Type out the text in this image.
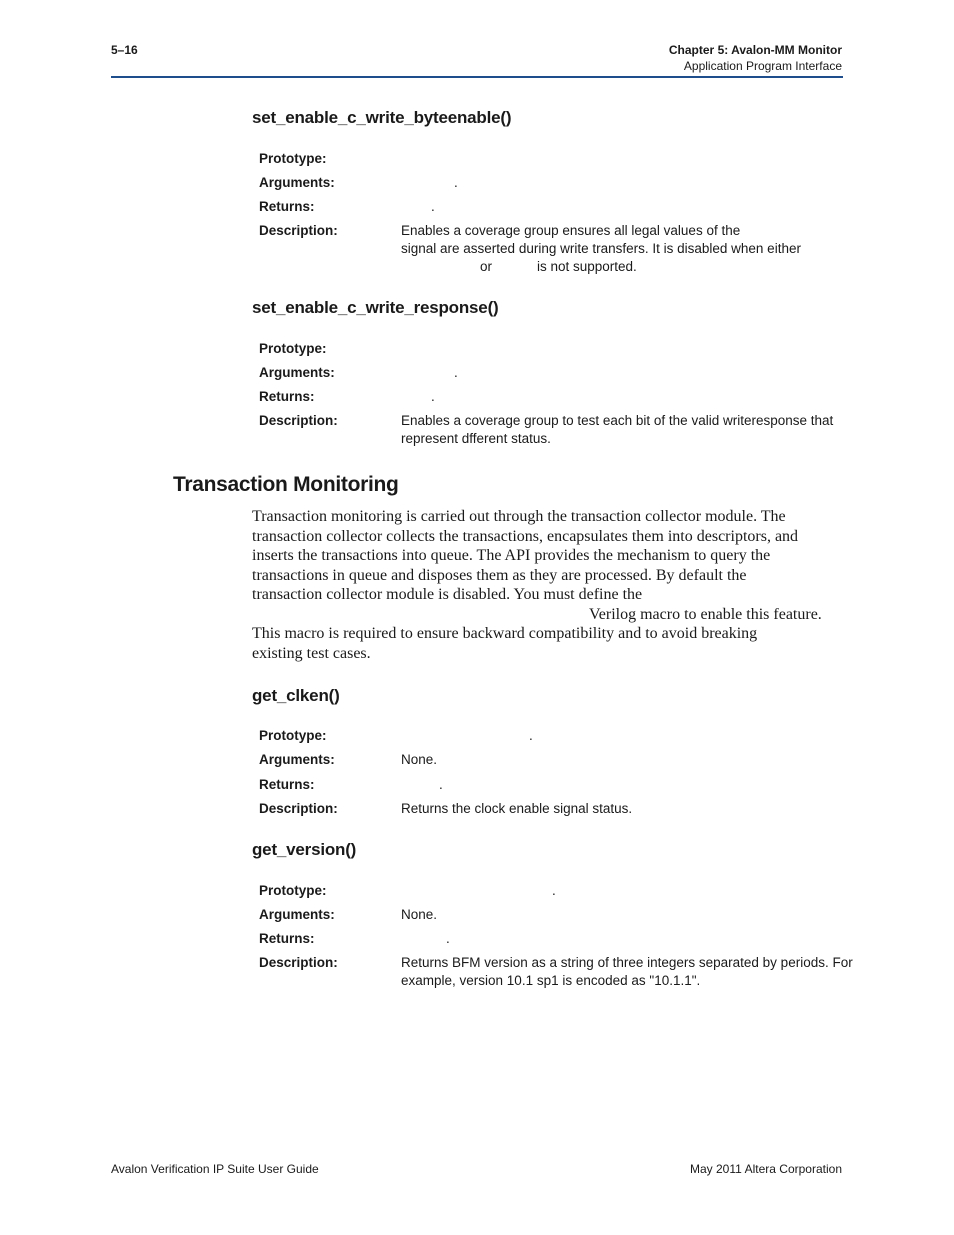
5–16	Chapter 5: Avalon-MM Monitor
Application Program Interface
set_enable_c_write_byteenable()
Prototype:
Arguments:	.
Returns:	.
Description:	Enables a coverage group ensures all legal values of the
signal are asserted during write transfers. It is disabled when either
or	is not supported.
set_enable_c_write_response()
Prototype:
Arguments:	.
Returns:	.
Description:	Enables a coverage group to test each bit of the valid writeresponse that
represent dfferent status.
Transaction Monitoring
Transaction monitoring is carried out through the transaction collector module. The
transaction collector collects the transactions, encapsulates them into descriptors, and
inserts the transactions into queue. The API provides the mechanism to query the
transactions in queue and disposes them as they are processed. By default the
transaction collector module is disabled. You must define the
Verilog macro to enable this feature.
This macro is required to ensure backward compatibility and to avoid breaking
existing test cases.
get_clken()
Prototype:	.
Arguments:	None.
Returns:	.
Description:	Returns the clock enable signal status.
get_version()
Prototype:	.
Arguments:	None.
Returns:	.
Description:	Returns BFM version as a string of three integers separated by periods. For
example, version 10.1 sp1 is encoded as "10.1.1".
Avalon Verification IP Suite User Guide	May 2011 Altera Corporation
